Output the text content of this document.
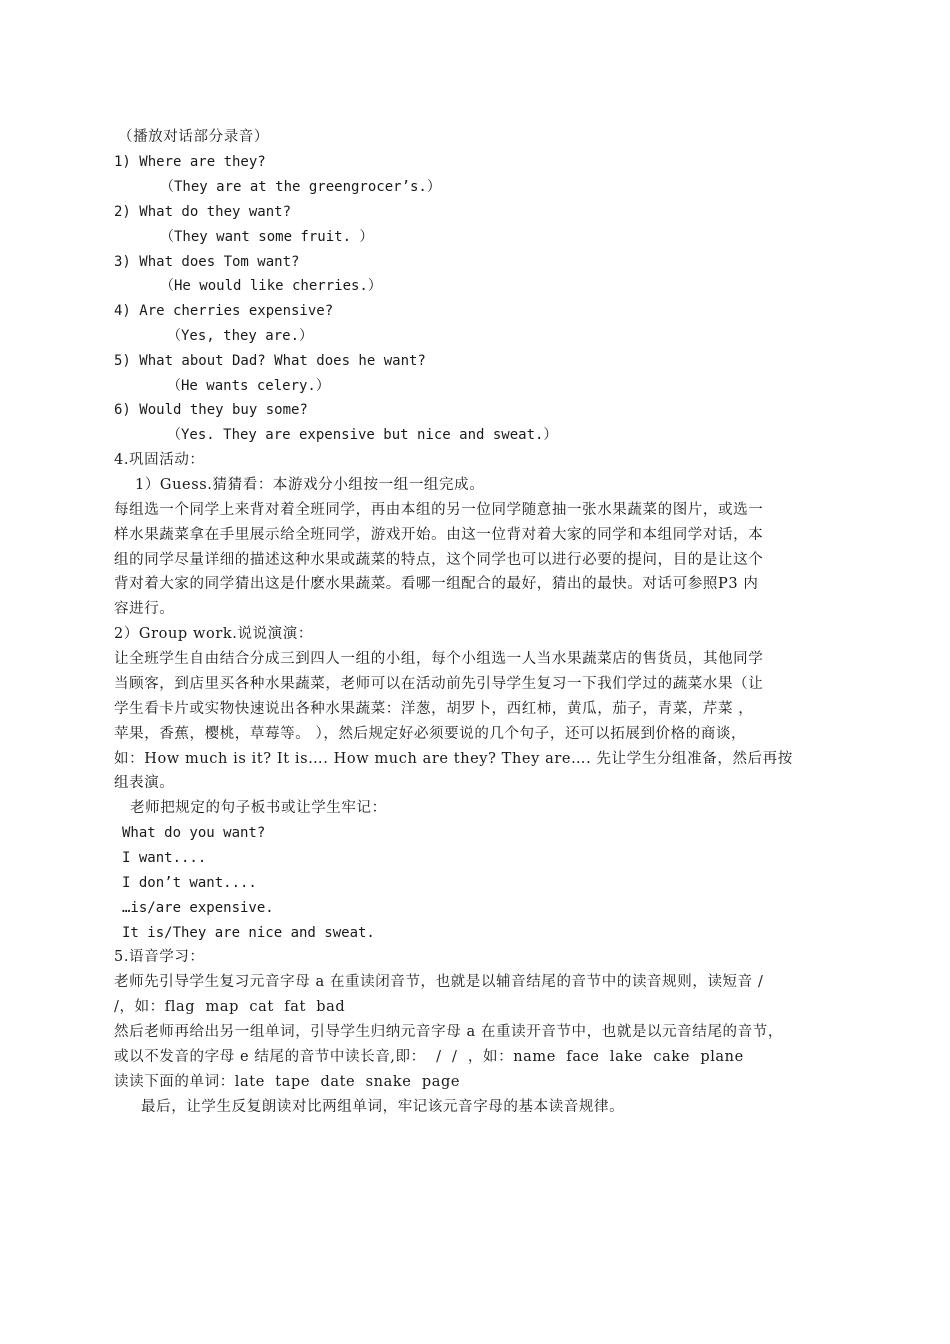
（播放对话部分录音）
1) Where are they?
（They are at the greengrocer’s.）
2) What do they want?
（They want some fruit. ）
3) What does Tom want?
（He would like cherries.）
4) Are cherries expensive?
（Yes, they are.）
5) What about Dad? What does he want?
（He wants celery.）
6) Would they buy some?
（Yes. They are expensive but nice and sweat.）
4.巩固活动：
1）Guess.猜猜看：本游戏分小组按一组一组完成。
每组选一个同学上来背对着全班同学，再由本组的另一位同学随意抽一张水果蔬菜的图片，或选一
样水果蔬菜拿在手里展示给全班同学，游戏开始。由这一位背对着大家的同学和本组同学对话，本
组的同学尽量详细的描述这种水果或蔬菜的特点，这个同学也可以进行必要的提问，目的是让这个
背对着大家的同学猜出这是什麽水果蔬菜。看哪一组配合的最好，猜出的最快。对话可参照P3 内
容进行。
2）Group work.说说演演：
让全班学生自由结合分成三到四人一组的小组，每个小组选一人当水果蔬菜店的售货员，其他同学
当顾客，到店里买各种水果蔬菜，老师可以在活动前先引导学生复习一下我们学过的蔬菜水果（让
学生看卡片或实物快速说出各种水果蔬菜：洋葱，胡罗卜，西红柿，黄瓜，茄子，青菜，芹菜 ，
苹果，香蕉，樱桃，草莓等。 ），然后规定好必须要说的几个句子，还可以拓展到价格的商谈，
如：How much is it? It is…. How much are they? They are…. 先让学生分组准备，然后再按
组表演。
老师把规定的句子板书或让学生牢记：
What do you want?
I want....
I don’t want....
…is/are expensive.
It is/They are nice and sweat.
5.语音学习：
老师先引导学生复习元音字母 a 在重读闭音节，也就是以辅音结尾的音节中的读音规则，读短音 /
/，如：flag  map  cat  fat  bad
然后老师再给出另一组单词，引导学生归纳元音字母 a 在重读开音节中，也就是以元音结尾的音节，
或以不发音的字母 e 结尾的音节中读长音,即：  /  /  ，如：name  face  lake  cake  plane
读读下面的单词：late  tape  date  snake  page
最后，让学生反复朗读对比两组单词，牢记该元音字母的基本读音规律。
